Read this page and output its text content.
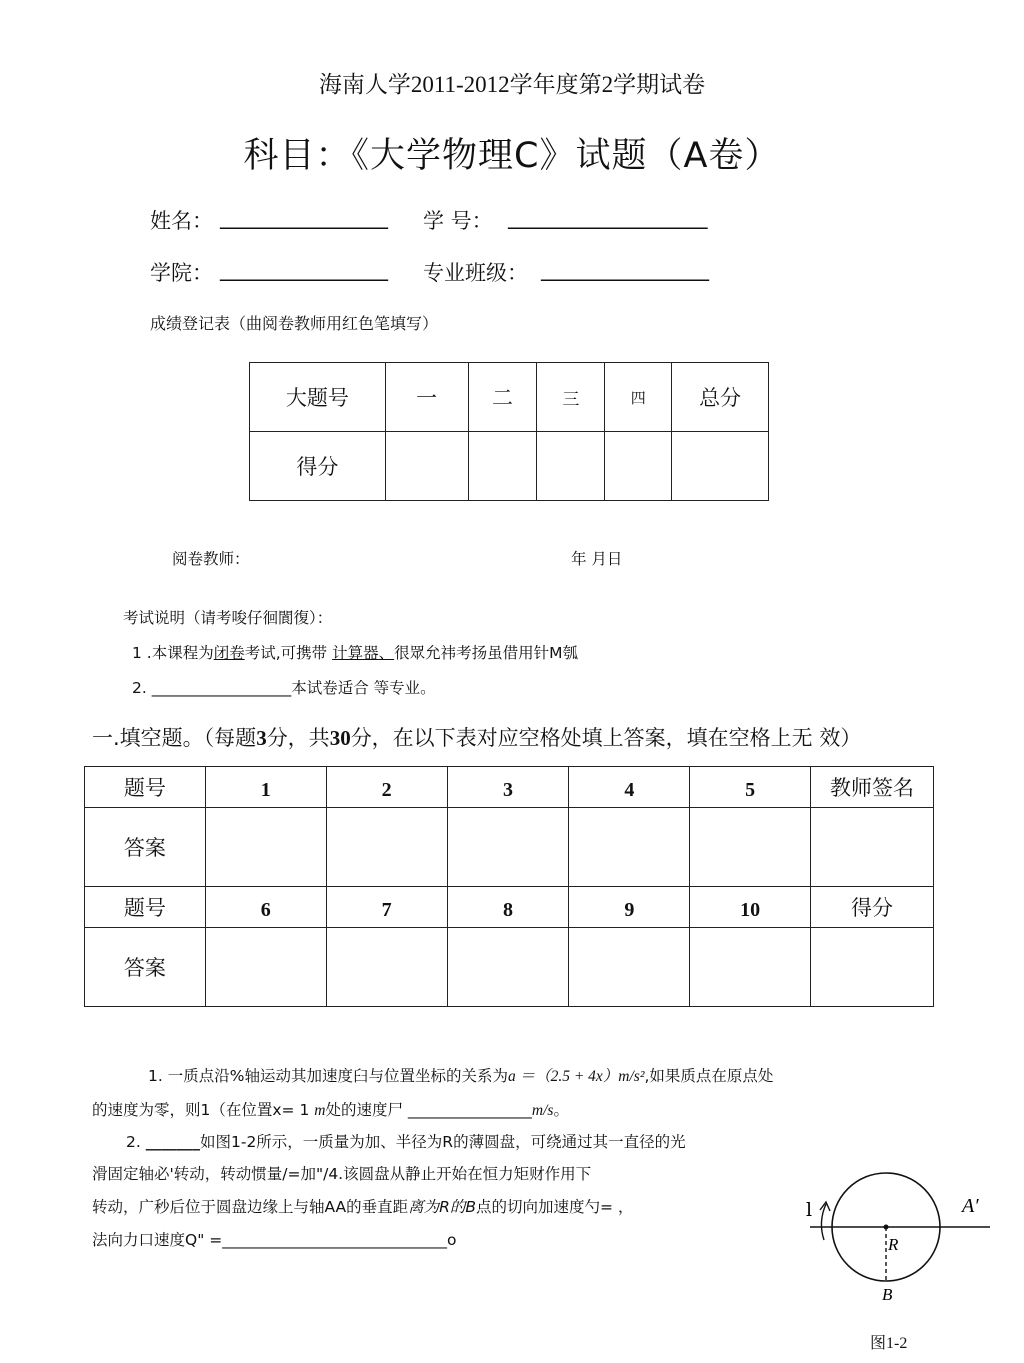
海南人学2011-2012学年度第2学期试卷
科目：《大学物理C》试题（A卷）
姓名： ________________ 学 号： ___________________
学院： ________________ 专业班级： ________________
成绩登记表（曲阅卷教师用红色笔填写）
大题号	一	二	三	四	总分
得分					
阅卷教师：	年 月日
考试说明（请考唆仔徊閬復）：
1 .本课程为闭卷考试,可携带 计算器、很眾允祎考扬虽借用针M瓠
2. __________________本试卷适合 等专业。
一.填空题。（每题3分，共30分，在以下表对应空格处填上答案，填在空格上无 效）
题号	1	2	3	4	5	教师签名
答案						
题号	6	7	8	9	10	得分
答案						
1. 一质点沿%轴运动其加速度臼与位置坐标的关系为a ＝（2.5 + 4x）m/s²,如果质点在原点处
的速度为零，则1（在位置x= 1 m处的速度尸 ________________m/s。
2. _______如图1-2所示，一质量为加、半径为R的薄圆盘，可绕通过其一直径的光
滑固定轴必'转动，转动惯量/=加"/4.该圆盘从静止开始在恒力矩财作用下
转动，广秒后位于圆盘边缘上与轴AA的垂直距离为R的B点的切向加速度勺= ，
法向力口速度Q" =_____________________________o
l	A′
R
B
图1-2
